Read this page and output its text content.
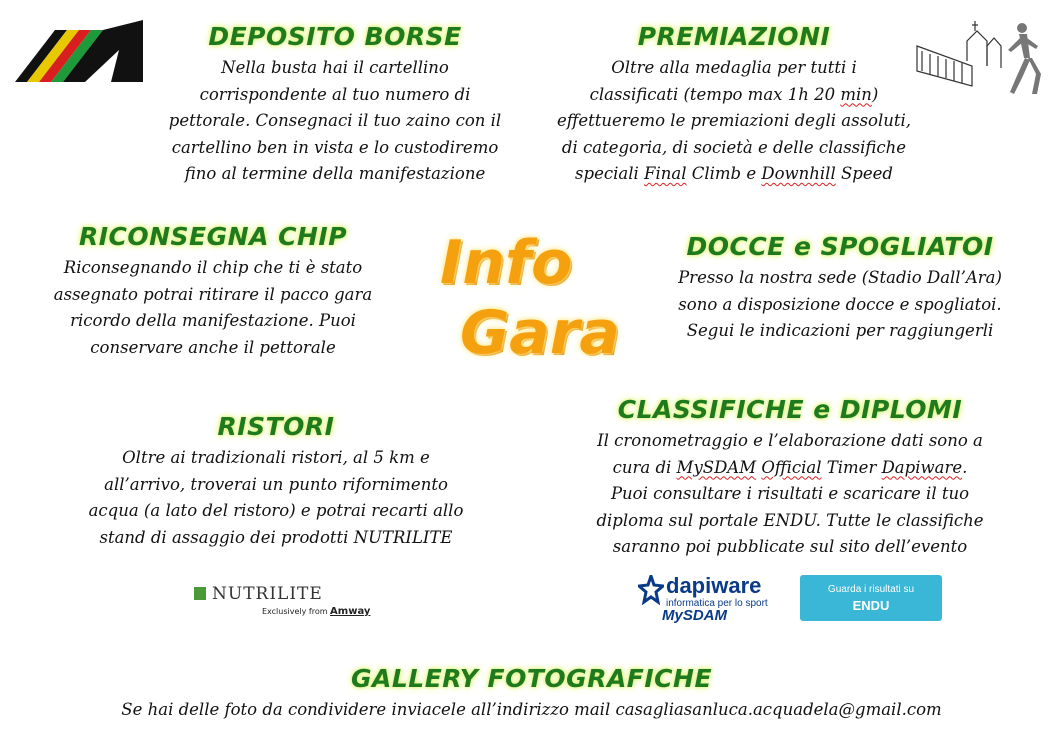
DEPOSITO BORSE
Nella busta hai il cartellino
corrispondente al tuo numero di
pettorale. Consegnaci il tuo zaino con il
cartellino ben in vista e lo custodiremo
fino al termine della manifestazione
PREMIAZIONI
Oltre alla medaglia per tutti i
classificati (tempo max 1h 20 min)
effettueremo le premiazioni degli assoluti,
di categoria, di società e delle classifiche
speciali Final Climb e Downhill Speed
RICONSEGNA CHIP
Riconsegnando il chip che ti è stato
assegnato potrai ritirare il pacco gara
ricordo della manifestazione. Puoi
conservare anche il pettorale
Info
Gara
DOCCE e SPOGLIATOI
Presso la nostra sede (Stadio Dall’Ara)
sono a disposizione docce e spogliatoi.
Segui le indicazioni per raggiungerli
RISTORI
Oltre ai tradizionali ristori, al 5 km e
all’arrivo, troverai un punto rifornimento
acqua (a lato del ristoro) e potrai recarti allo
stand di assaggio dei prodotti NUTRILITE
CLASSIFICHE e DIPLOMI
Il cronometraggio e l’elaborazione dati sono a
cura di MySDAM Official Timer Dapiware.
Puoi consultare i risultati e scaricare il tuo
diploma sul portale ENDU. Tutte le classifiche
saranno poi pubblicate sul sito dell’evento
NUTRILITE
Exclusively from Amway
dapiware
informatica per lo sport
MySDAM
Guarda i risultati su
ENDU
GALLERY FOTOGRAFICHE
Se hai delle foto da condividere inviacele all’indirizzo mail casagliasanluca.acquadela@gmail.com
